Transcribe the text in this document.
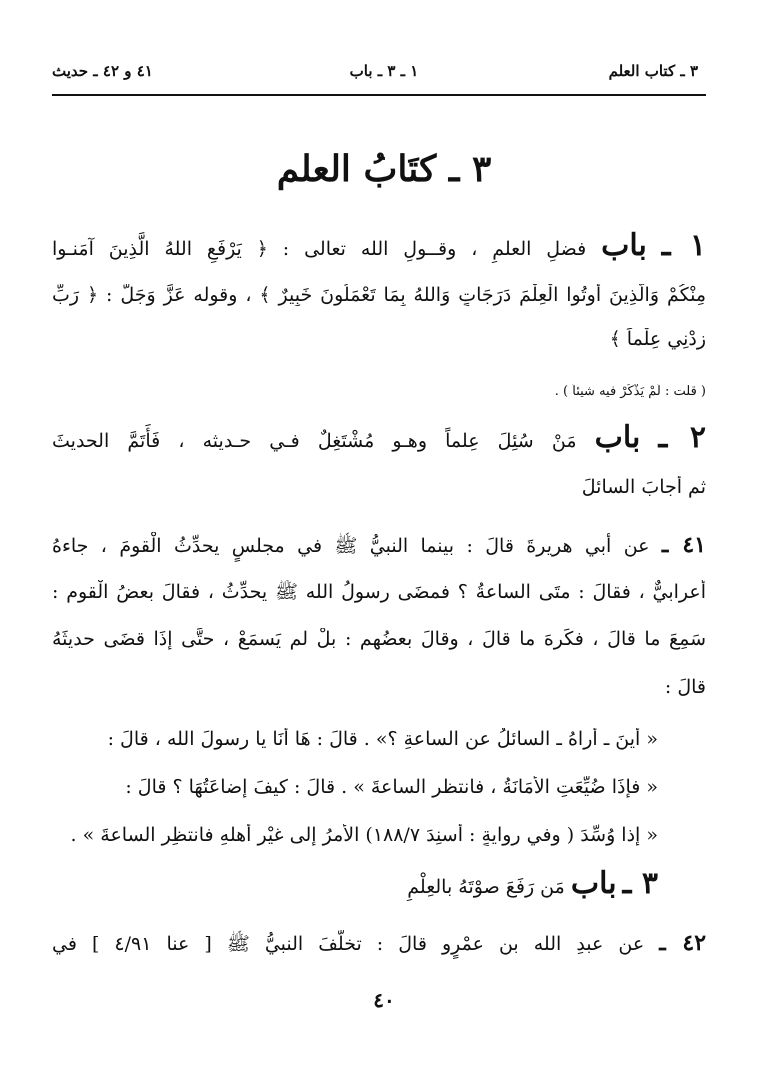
٣ ـ كتاب العلم
١ ـ ٣ ـ باب
٤١ و ٤٢ ـ حديث
٣ ـ كتَابُ العلم
١ ـ باب فضلِ العلمِ ، وقــولِ الله تعالى : ﴿ يَرْفَعِ اللهُ الَّذِينَ آمَنـوا
مِنْكُمْ وَالَّذِينَ أُوتُوا الْعِلْمَ دَرَجَاتٍ وَاللهُ بِمَا تَعْمَلُونَ خَبِيرٌ ﴾ ، وقوله عَزَّ وَجَلَّ : ﴿ رَبِّ
زِدْنِي عِلْماً ﴾
( قلت : لَمْ يَذْكُرْ فيه شيئاً ) .
٢ ـ باب مَنْ سُئِلَ عِلماً وهـو مُشْتَغِلٌ فـي حـديثه ، فَأَتَمَّ الحديثَ
ثم أجابَ السائلَ
٤١ ـ عن أبي هريرةَ قالَ : بينما النبيُّ ﷺ في مجلسٍ يحدِّثُ الْقومَ ، جاءهُ
أعرابيٌّ ، فقالَ : متَى الساعةُ ؟ فمضَى رسولُ الله ﷺ يحدِّثُ ، فقالَ بعضُ الْقوم :
سَمِعَ ما قالَ ، فكَرِهَ ما قالَ ، وقالَ بعضُهم : بلْ لم يَسمَعْ ، حتَّى إذَا قضَى حديثَهُ
قالَ :
« أينَ ـ أُراهُ ـ السائلُ عنِ الساعةِ ؟» . قالَ : هَا أَنَا يا رسولَ الله ، قالَ :
« فإذَا ضُيِّعَتِ الأَمَانَةُ ، فانتظرِ الساعةَ » . قالَ : كيفَ إضاعَتُهَا ؟ قالَ :
« إذا وُسِّدَ ( وفي روايةٍ : أُسنِدَ ١٨٨/٧) الأمرُ إلى غيْرِ أهلهِ فانتظِرِ الساعةَ » .
٣ ـ باب مَن رَفَعَ صوْتَهُ بالعِلْمِ
٤٢ ـ عن عبدِ الله بن عمْرٍو قالَ : تخلَّفَ النبيُّ ﷺ [ عنا ٤/٩١ ] في
٤٠
